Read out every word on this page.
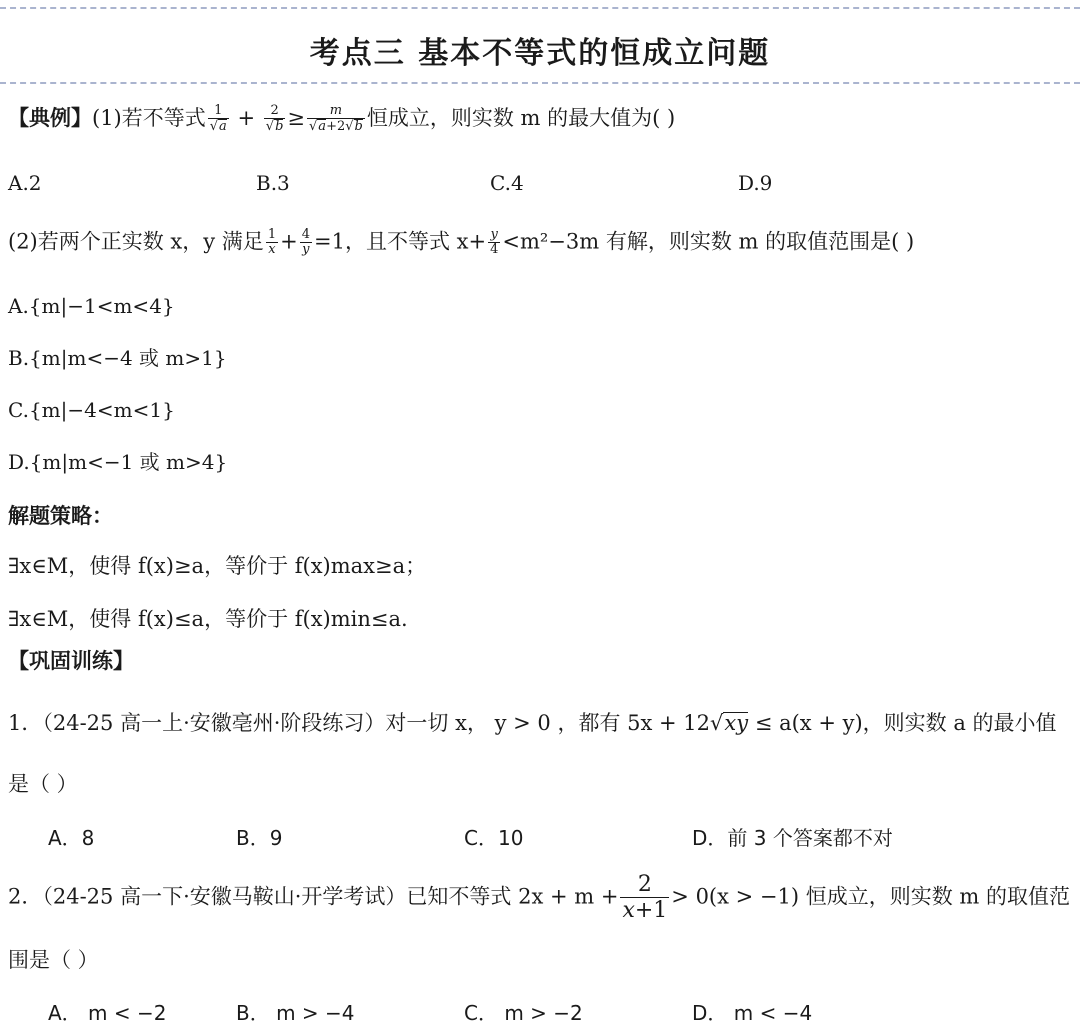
考点三 基本不等式的恒成立问题
【典例】(1)若不等式 $\frac{1}{√a} + \frac{2}{√b} \ge \frac{m}{√a+2√b}$ 恒成立，则实数 m 的最大值为( )
A.2	B.3	C.4	D.9
(2)若两个正实数 x，y 满足 $\frac{1}{x} + \frac{4}{y} =1$，且不等式 $x+ \frac{y}{4} <m^2-3m$ 有解，则实数 m 的取值范围是( )
A.{m|−1<m<4}
B.{m|m<−4 或 m>1}
C.{m|−4<m<1}
D.{m|m<−1 或 m>4}
解题策略：
∃x∈M，使得 f(x)≥a，等价于 f(x)max≥a；
∃x∈M，使得 f(x)≤a，等价于 f(x)min≤a.
【巩固训练】
1．（24-25 高一上·安徽亳州·阶段练习）对一切 x， y > 0 ，都有 5x + 12√xy ≤ a(x + y)，则实数 a 的最小值
是（ ）
A．8	B．9	C．10	D．前 3 个答案都不对
2．（24-25 高一下·安徽马鞍山·开学考试）已知不等式 $2x + m + \frac{2}{x+1} > 0(x > -1)$ 恒成立，则实数 m 的取值范
围是（ ）
A． m < −2	B． m > −4	C． m > −2	D． m < −4
